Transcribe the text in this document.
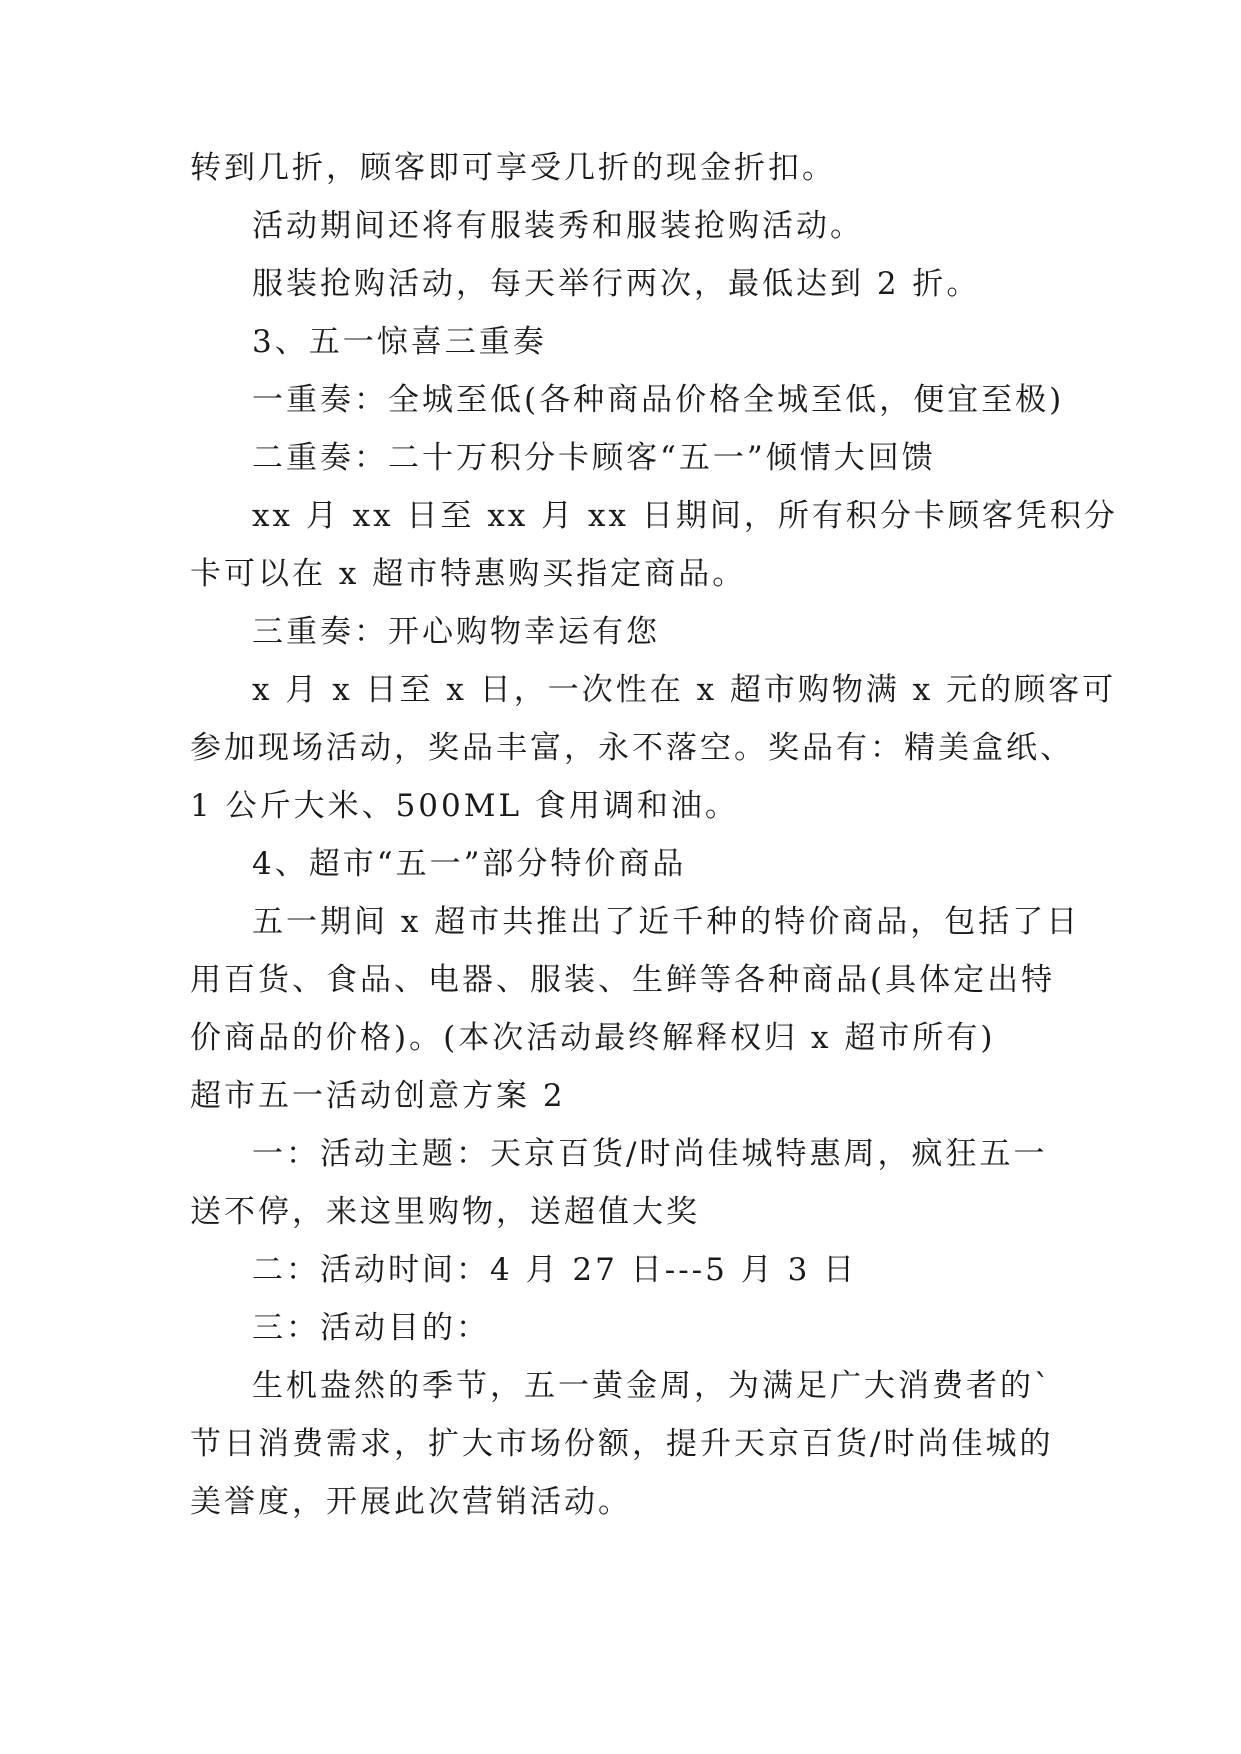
转到几折，顾客即可享受几折的现金折扣。
活动期间还将有服装秀和服装抢购活动。
服装抢购活动，每天举行两次，最低达到 2 折。
3、五一惊喜三重奏
一重奏：全城至低(各种商品价格全城至低，便宜至极)
二重奏：二十万积分卡顾客“五一”倾情大回馈
xx 月 xx 日至 xx 月 xx 日期间，所有积分卡顾客凭积分
卡可以在 x 超市特惠购买指定商品。
三重奏：开心购物幸运有您
x 月 x 日至 x 日，一次性在 x 超市购物满 x 元的顾客可
参加现场活动，奖品丰富，永不落空。奖品有：精美盒纸、
1 公斤大米、500ML 食用调和油。
4、超市“五一”部分特价商品
五一期间 x 超市共推出了近千种的特价商品，包括了日
用百货、食品、电器、服装、生鲜等各种商品(具体定出特
价商品的价格)。(本次活动最终解释权归 x 超市所有)
超市五一活动创意方案 2
一：活动主题：天京百货/时尚佳城特惠周，疯狂五一
送不停，来这里购物，送超值大奖
二：活动时间：4 月 27 日---5 月 3 日
三：活动目的：
生机盎然的季节，五一黄金周，为满足广大消费者的`
节日消费需求，扩大市场份额，提升天京百货/时尚佳城的
美誉度，开展此次营销活动。
